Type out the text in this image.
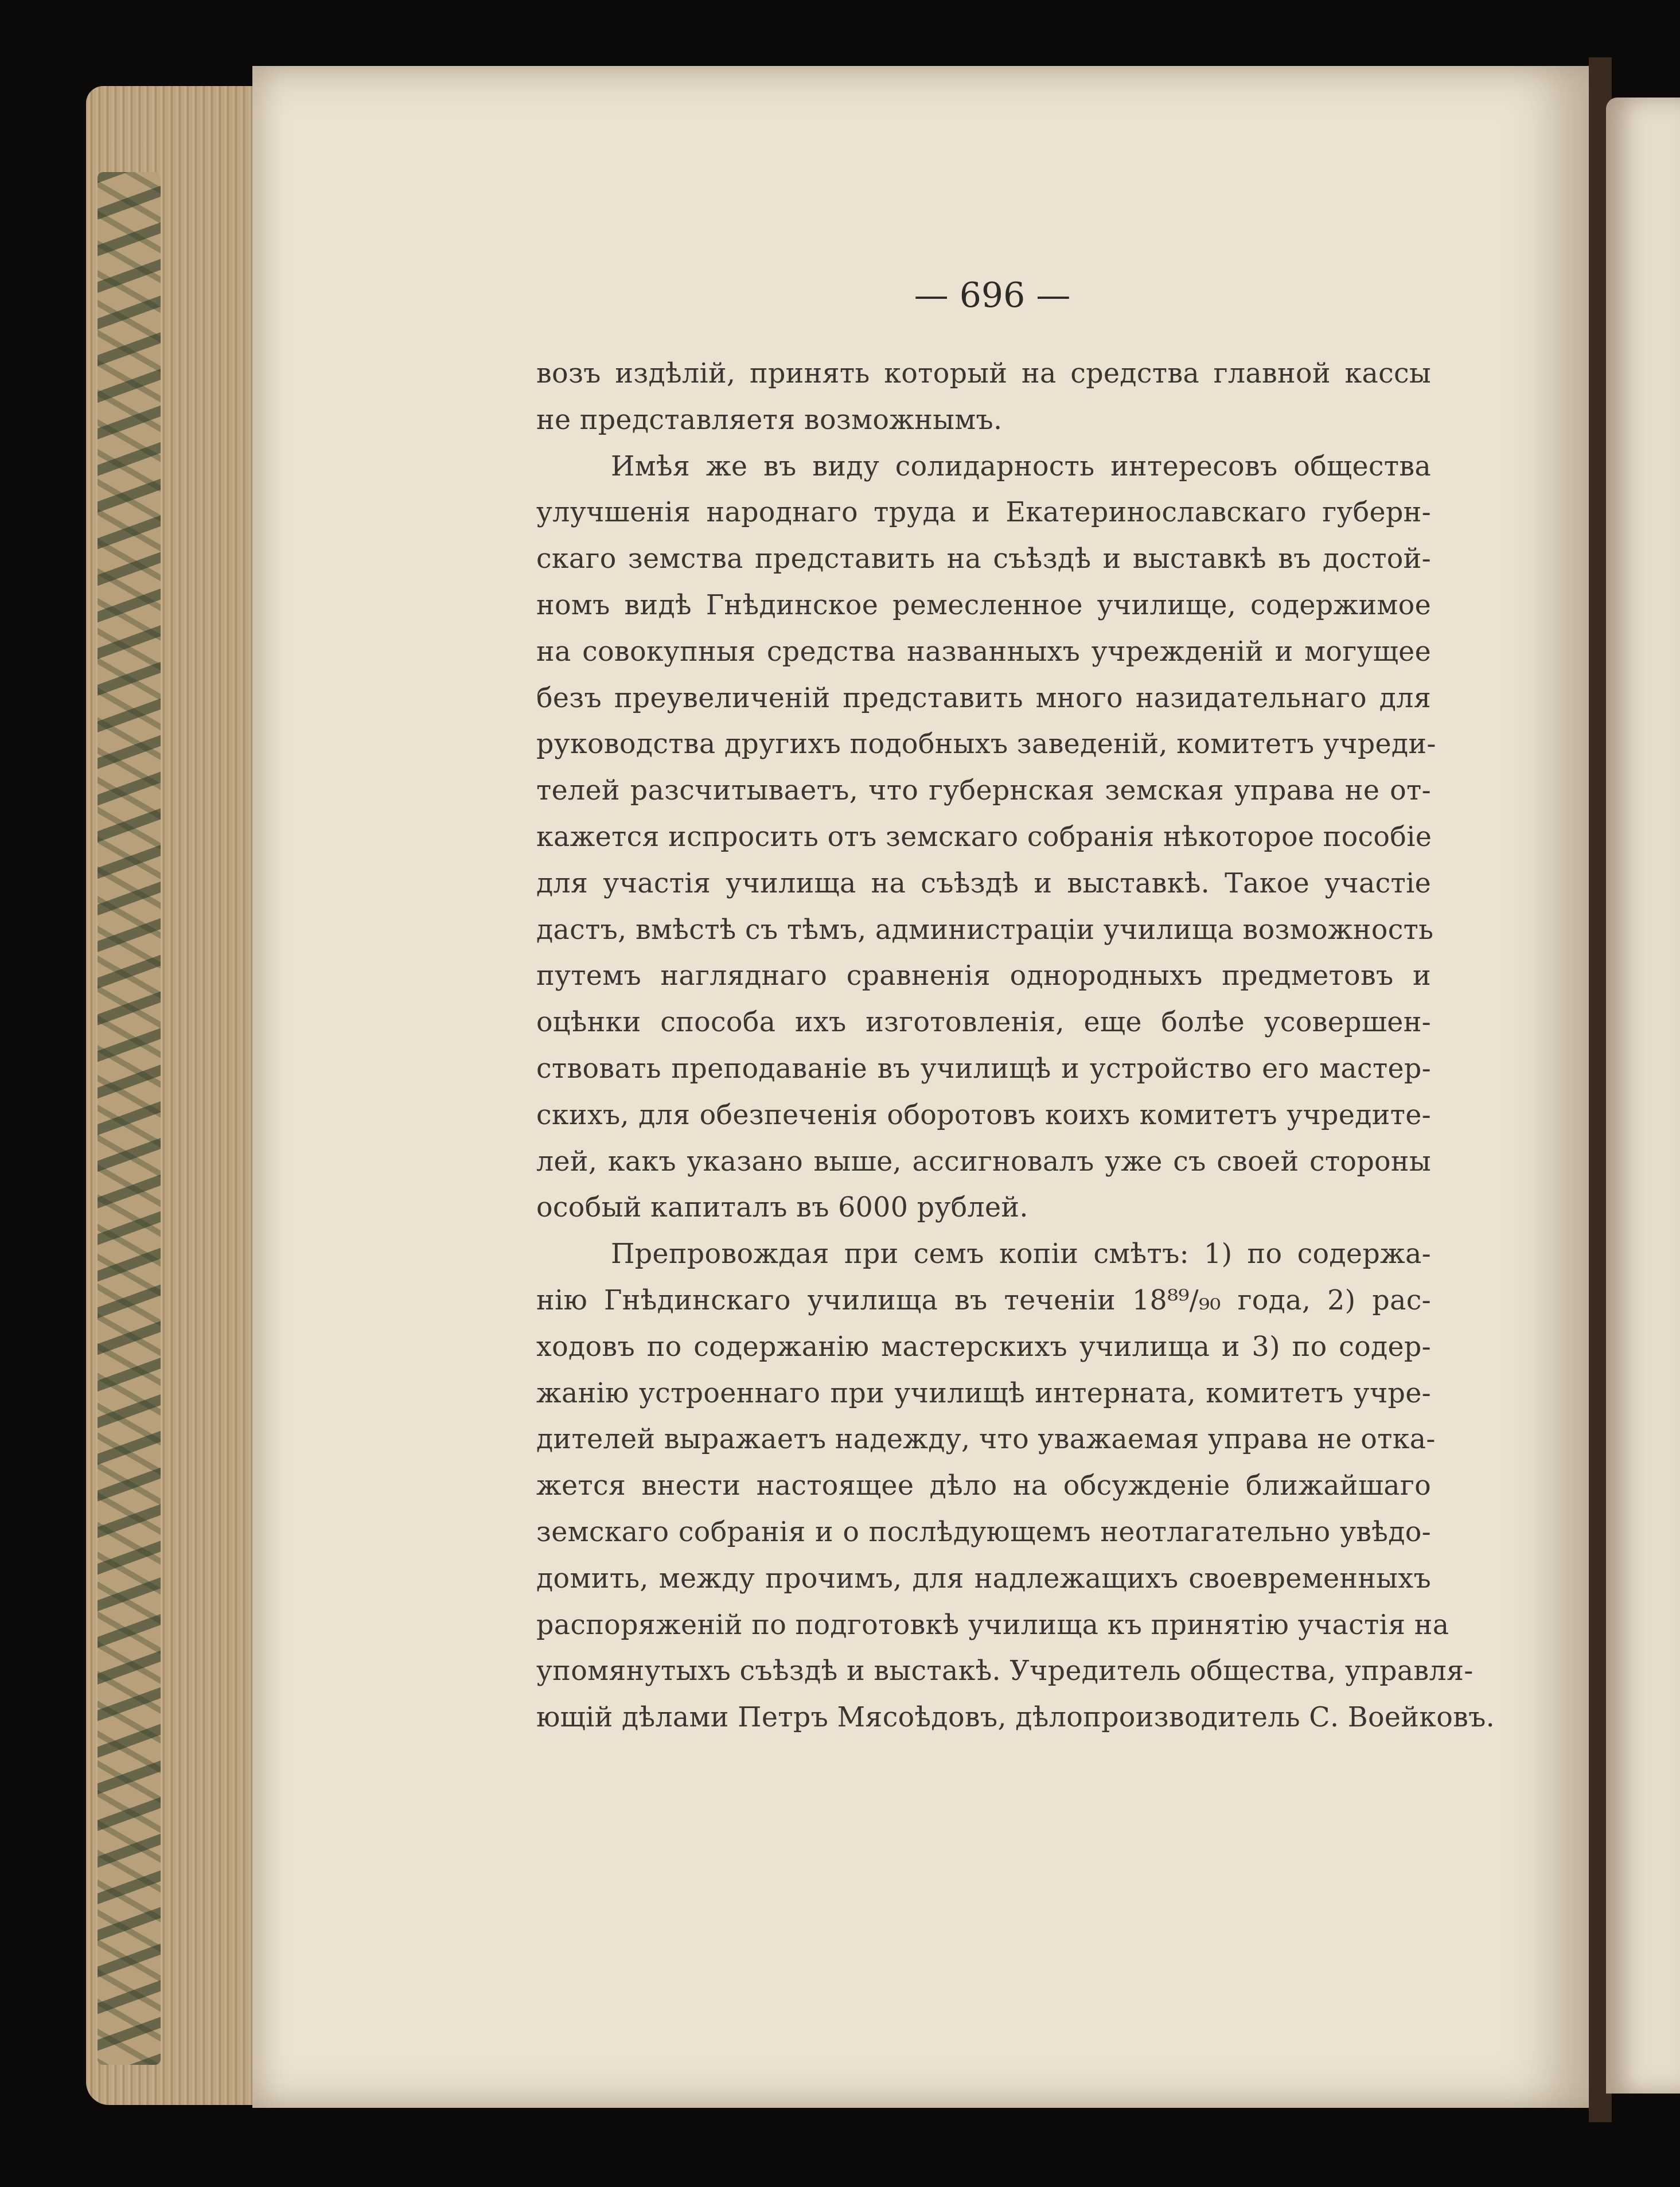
— 696 —
возъ издѣлій, принять который на средства главной кассы
не представляетя возможнымъ.
Имѣя же въ виду солидарность интересовъ общества
улучшенія народнаго труда и Екатеринославскаго губерн-
скаго земства представить на съѣздѣ и выставкѣ въ достой-
номъ видѣ Гнѣдинское ремесленное училище, содержимое
на совокупныя средства названныхъ учрежденій и могущее
безъ преувеличеній представить много назидательнаго для
руководства другихъ подобныхъ заведеній, комитетъ учреди-
телей разсчитываетъ, что губернская земская управа не от-
кажется испросить отъ земскаго собранія нѣкоторое пособіе
для участія училища на съѣздѣ и выставкѣ. Такое участіе
дастъ, вмѣстѣ съ тѣмъ, администраціи училища возможность
путемъ нагляднаго сравненія однородныхъ предметовъ и
оцѣнки способа ихъ изготовленія, еще болѣе усовершен-
ствовать преподаваніе въ училищѣ и устройство его мастер-
скихъ, для обезпеченія оборотовъ коихъ комитетъ учредите-
лей, какъ указано выше, ассигновалъ уже съ своей стороны
особый капиталъ въ 6000 рублей.
Препровождая при семъ копіи смѣтъ: 1) по содержа-
нію Гнѣдинскаго училища въ теченіи 18⁸⁹/₉₀ года, 2) рас-
ходовъ по содержанію мастерскихъ училища и 3) по содер-
жанію устроеннаго при училищѣ интерната, комитетъ учре-
дителей выражаетъ надежду, что уважаемая управа не отка-
жется внести настоящее дѣло на обсужденіе ближайшаго
земскаго собранія и о послѣдующемъ неотлагательно увѣдо-
домить, между прочимъ, для надлежащихъ своевременныхъ
распоряженій по подготовкѣ училища къ принятію участія на
упомянутыхъ съѣздѣ и выстакѣ. Учредитель общества, управля-
ющій дѣлами Петръ Мясоѣдовъ, дѣлопроизводитель С. Воейковъ.
